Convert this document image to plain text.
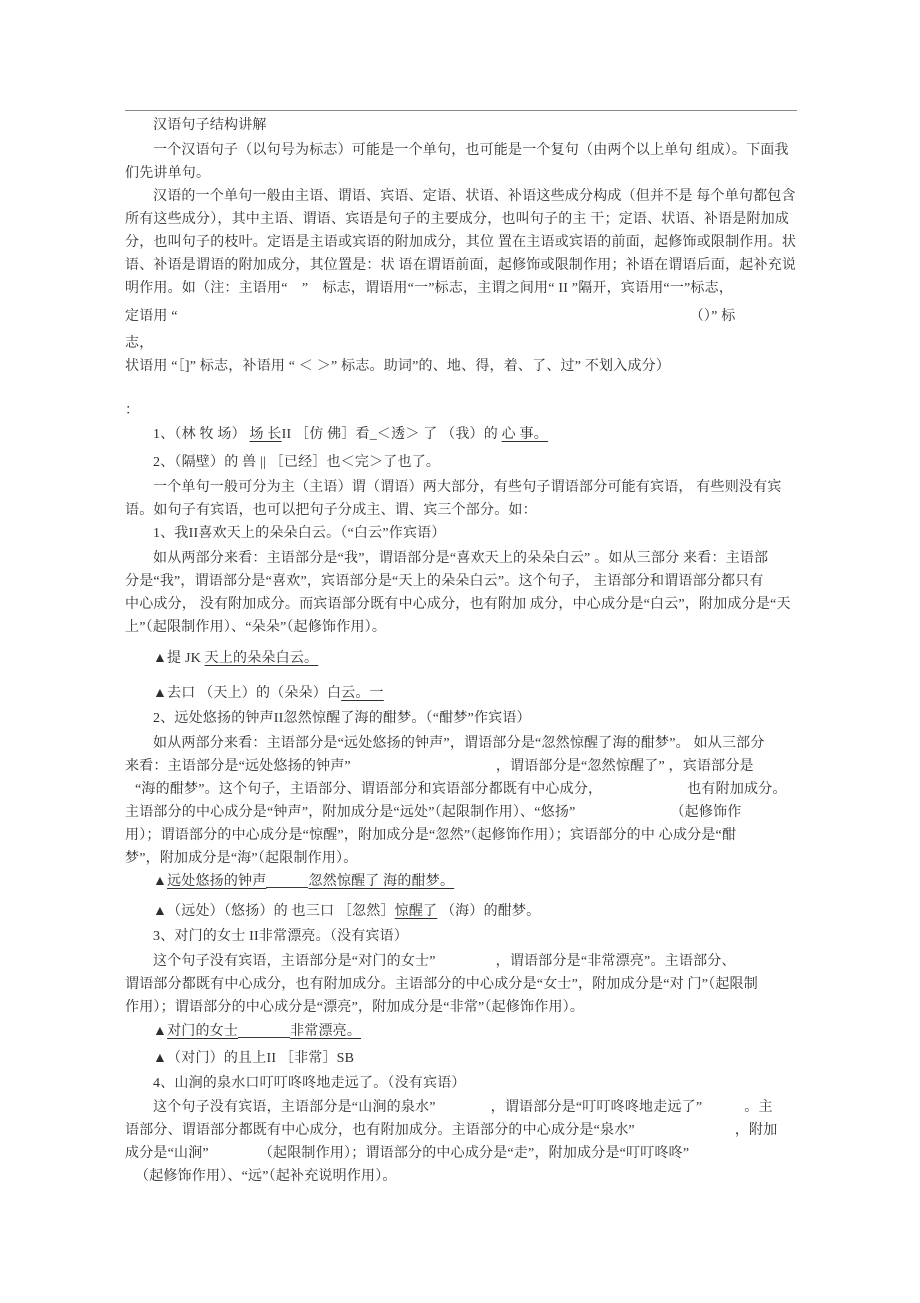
汉语句子结构讲解
一个汉语句子（以句号为标志）可能是一个单句，也可能是一个复句（由两个以上单句 组成）。下面我
们先讲单句。
汉语的一个单句一般由主语、谓语、宾语、定语、状语、补语这些成分构成（但并不是 每个单句都包含
所有这些成分），其中主语、谓语、宾语是句子的主要成分，也叫句子的主 干；定语、状语、补语是附加成
分，也叫句子的枝叶。定语是主语或宾语的附加成分，其位 置在主语或宾语的前面，起修饰或限制作用。状
语、补语是谓语的附加成分，其位置是：状 语在谓语前面，起修饰或限制作用；补语在谓语后面，起补充说
明作用。如（注：主语用“　”　标志，谓语用“一”标志，主谓之间用“ II ”隔开，宾语用“一”标志，
定语用 “	（）” 标
志，
状语用 “［]” 标志，补语用 “ ＜ ＞” 标志。助词”的、地、得，着、了、过” 不划入成分）
：
1、（林 牧 场） 场 长II ［仿 佛］看_＜透＞ 了 （我）的 心 事。
2、（隔壁）的 兽 || ［已经］也＜完＞了也了。
一个单句一般可分为主（主语）谓（谓语）两大部分，有些句子谓语部分可能有宾语， 有些则没有宾
语。如句子有宾语，也可以把句子分成主、谓、宾三个部分。如：
1、我II喜欢天上的朵朵白云。（“白云”作宾语）
如从两部分来看：主语部分是“我”，谓语部分是“喜欢天上的朵朵白云” 。如从三部分 来看：主语部
分是“我”，谓语部分是“喜欢”，宾语部分是“天上的朵朵白云”。这个句子， 主语部分和谓语部分都只有
中心成分， 没有附加成分。而宾语部分既有中心成分，也有附加 成分，中心成分是“白云”，附加成分是“天
上”（起限制作用）、“朵朵”（起修饰作用）。
▲提 JK 天上的朵朵白云。
▲去口 （天上）的（朵朵）白云。一
2、远处悠扬的钟声II忽然惊醒了海的酣梦。（“酣梦”作宾语）
如从两部分来看：主语部分是“远处悠扬的钟声”，谓语部分是“忽然惊醒了海的酣梦”。 如从三部分
来看：主语部分是“远处悠扬的钟声”	，谓语部分是“忽然惊醒了” ，宾语部分是
“海的酣梦”。这个句子，主语部分、谓语部分和宾语部分都既有中心成分，	也有附加成分。
主语部分的中心成分是“钟声”，附加成分是“远处”（起限制作用）、“悠扬”	（起修饰作
用）；谓语部分的中心成分是“惊醒”，附加成分是“忽然”（起修饰作用）；宾语部分的中 心成分是“酣
梦”，附加成分是“海”（起限制作用）。
▲远处悠扬的钟声	忽然惊醒了 海的酣梦。
▲（远处）（悠扬）的 也三口 ［忽然］惊醒了 （海）的酣梦。
3、对门的女士 II非常漂亮。（没有宾语）
这个句子没有宾语，主语部分是“对门的女士”	，谓语部分是“非常漂亮”。主语部分、
谓语部分都既有中心成分，也有附加成分。主语部分的中心成分是“女士”，附加成分是“对 门”（起限制
作用）；谓语部分的中心成分是“漂亮”，附加成分是“非常”（起修饰作用）。
▲对门的女士	非常漂亮。
▲（对门）的且上II ［非常］SB
4、山涧的泉水口叮叮咚咚地走远了。（没有宾语）
这个句子没有宾语，主语部分是“山涧的泉水”	，谓语部分是“叮叮咚咚地走远了”	。主
语部分、谓语部分都既有中心成分，也有附加成分。主语部分的中心成分是“泉水”	，附加
成分是“山涧”	（起限制作用）；谓语部分的中心成分是“走”，附加成分是“叮叮咚咚”
（起修饰作用）、“远”（起补充说明作用）。
